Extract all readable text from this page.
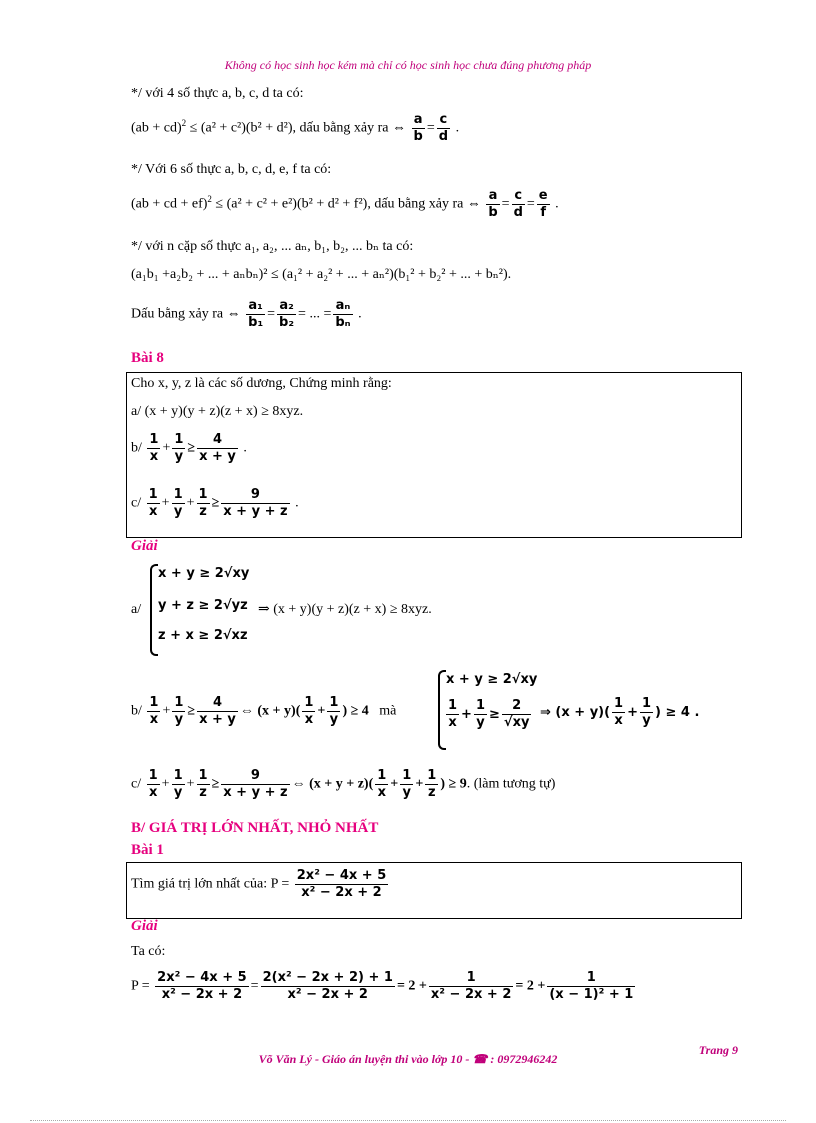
Không có học sinh học kém mà chỉ có học sinh học chưa đúng phương pháp
*/ với 4 số thực a, b, c, d ta có:
(ab + cd)$^2$ ≤ (a² + c²)(b² + d²), dấu bằng xảy ra ⇔ $\frac{a}{b} = \frac{c}{d}$ .
*/ Với 6 số thực a, b, c, d, e, f ta có:
(ab + cd + ef)$^2$ ≤ (a² + c² + e²)(b² + d² + f²), dấu bằng xảy ra ⇔ $\frac{a}{b} = \frac{c}{d} = \frac{e}{f}$ .
*/ với n cặp số thực a₁, a₂, ... aₙ, b₁, b₂, ... bₙ ta có:
(a₁b₁ +a₂b₂ + ... + aₙbₙ)² ≤ (a₁² + a₂² + ... + aₙ²)(b₁² + b₂² + ... + bₙ²).
Dấu bằng xảy ra ⇔ $\frac{\text{a₁}}{\text{b₁}} = \frac{\text{a₂}}{\text{b₂}}$ = ... = $\frac{\text{aₙ}}{\text{bₙ}}$ .
Bài 8
Cho x, y, z là các số dương, Chứng minh rằng:
a/ (x + y)(y + z)(z + x) ≥ 8xyz.
$b/ \frac{1}{x} + \frac{1}{y} \ge \frac{4}{x + y}$ .
$c/ \frac{1}{x} + \frac{1}{y} + \frac{1}{z} \ge \frac{9}{x + y + z}$ .
Giải
a/
x + y ≥ 2√xy
y + z ≥ 2√yz
z + x ≥ 2√xz
⇒ (x + y)(y + z)(z + x) ≥ 8xyz.
$b/ \frac{1}{x} + \frac{1}{y} \ge \frac{4}{x + y}$ ⇔ $(x + y)( \frac{1}{x} + \frac{1}{y}$ ) ≥ 4 mà
x + y ≥ 2√xy
$\frac{1}{x} + \frac{1}{y} \ge \frac{2}{√xy}$ ⇒ $(x + y)( \frac{1}{x} + \frac{1}{y}$ ) ≥ 4 .
$c/ \frac{1}{x} + \frac{1}{y} + \frac{1}{z} \ge \frac{9}{x + y + z}$ ⇔ $(x + y + z)( \frac{1}{x} + \frac{1}{y} + \frac{1}{z}$ ) ≥ 9. (làm tương tự)
B/ GIÁ TRỊ LỚN NHẤT, NHỎ NHẤT
Bài 1
Tìm giá trị lớn nhất của: $P = \frac{\text{2x² − 4x + 5}}{\text{x² − 2x + 2}}$
Giải
Ta có:
$P = \frac{\text{2x² − 4x + 5}}{\text{x² − 2x + 2}} = \frac{\text{2(x² − 2x + 2) + 1}}{\text{x² − 2x + 2}} = 2 + \frac{1}{\text{x² − 2x + 2}} = 2 + \frac{1}{\text{(x − 1)² + 1}}$
Trang 9
Võ Văn Lý - Giáo án luyện thi vào lớp 10 - ☎ : 0972946242
